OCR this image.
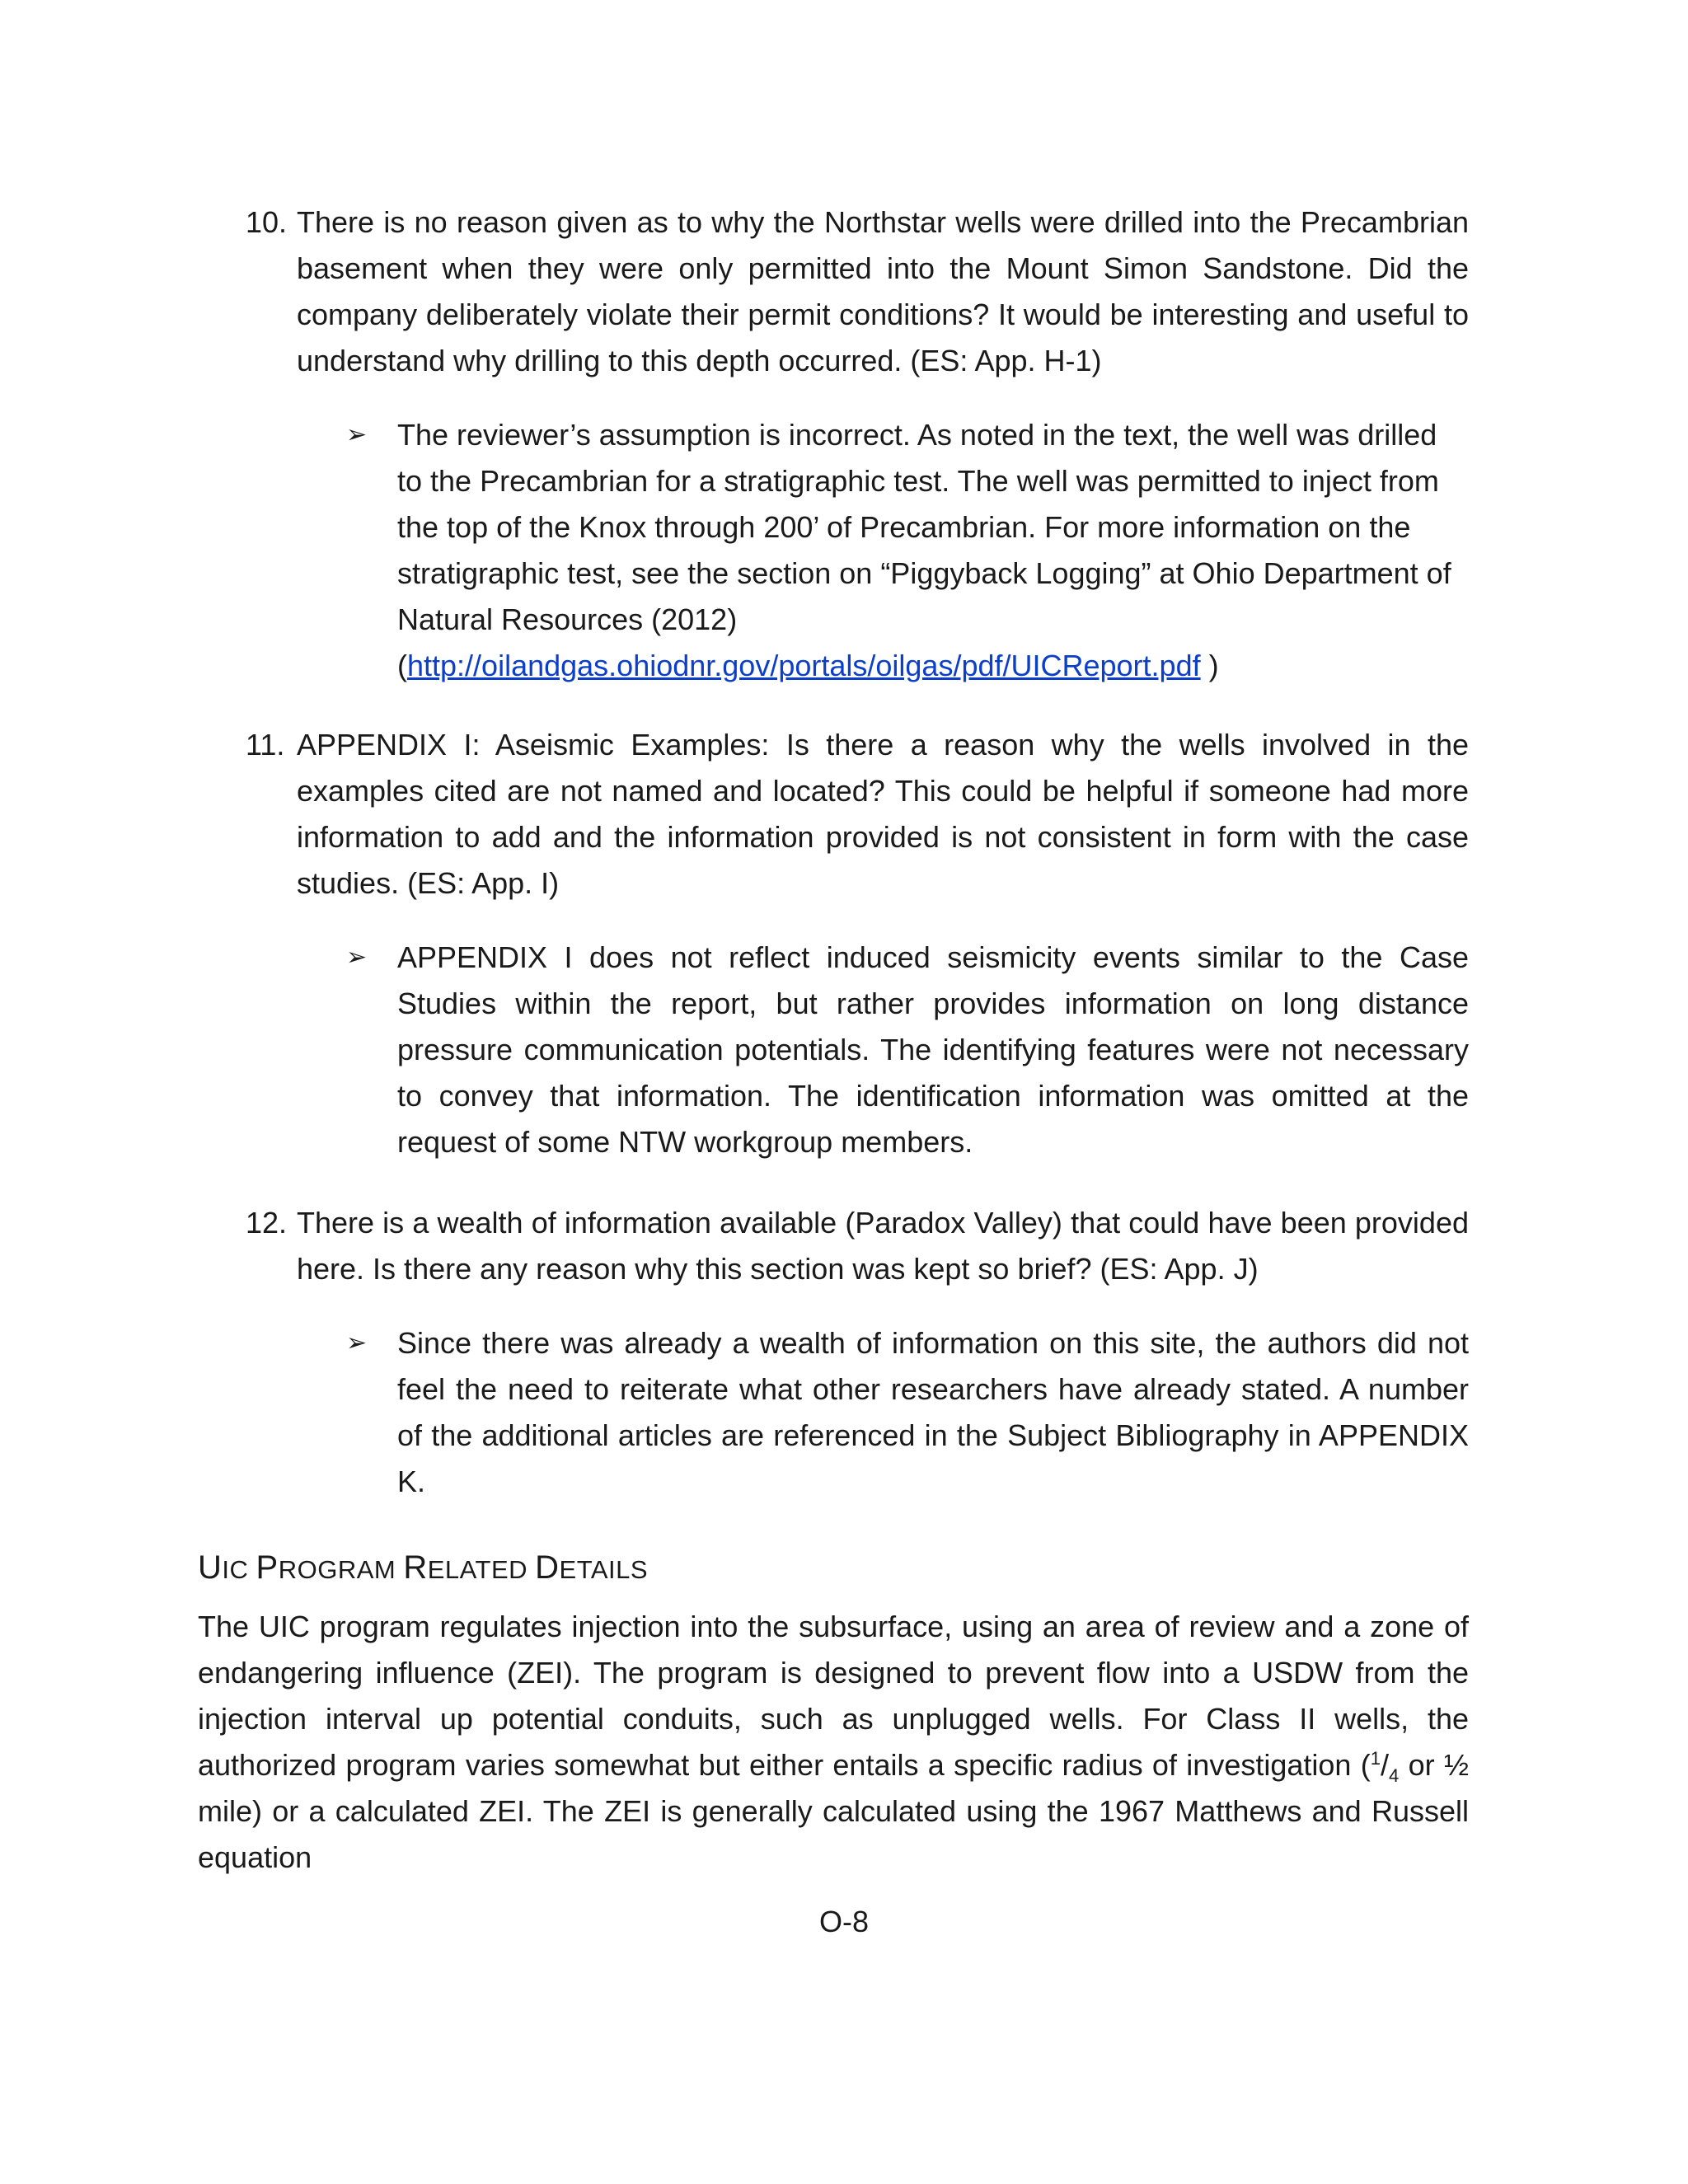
10. There is no reason given as to why the Northstar wells were drilled into the Precambrian basement when they were only permitted into the Mount Simon Sandstone. Did the company deliberately violate their permit conditions? It would be interesting and useful to understand why drilling to this depth occurred. (ES: App. H-1)
➢ The reviewer’s assumption is incorrect. As noted in the text, the well was drilled to the Precambrian for a stratigraphic test. The well was permitted to inject from the top of the Knox through 200’ of Precambrian. For more information on the stratigraphic test, see the section on “Piggyback Logging” at Ohio Department of Natural Resources (2012)
(http://oilandgas.ohiodnr.gov/portals/oilgas/pdf/UICReport.pdf )
11. APPENDIX I: Aseismic Examples: Is there a reason why the wells involved in the examples cited are not named and located? This could be helpful if someone had more information to add and the information provided is not consistent in form with the case studies. (ES: App. I)
➢ APPENDIX I does not reflect induced seismicity events similar to the Case Studies within the report, but rather provides information on long distance pressure communication potentials. The identifying features were not necessary to convey that information. The identification information was omitted at the request of some NTW workgroup members.
12. There is a wealth of information available (Paradox Valley) that could have been provided here. Is there any reason why this section was kept so brief? (ES: App. J)
➢ Since there was already a wealth of information on this site, the authors did not feel the need to reiterate what other researchers have already stated. A number of the additional articles are referenced in the Subject Bibliography in APPENDIX K.
UIC PROGRAM RELATED DETAILS
The UIC program regulates injection into the subsurface, using an area of review and a zone of endangering influence (ZEI). The program is designed to prevent flow into a USDW from the injection interval up potential conduits, such as unplugged wells. For Class II wells, the authorized program varies somewhat but either entails a specific radius of investigation ($^1/_4$ or ½ mile) or a calculated ZEI. The ZEI is generally calculated using the 1967 Matthews and Russell equation
O-8
